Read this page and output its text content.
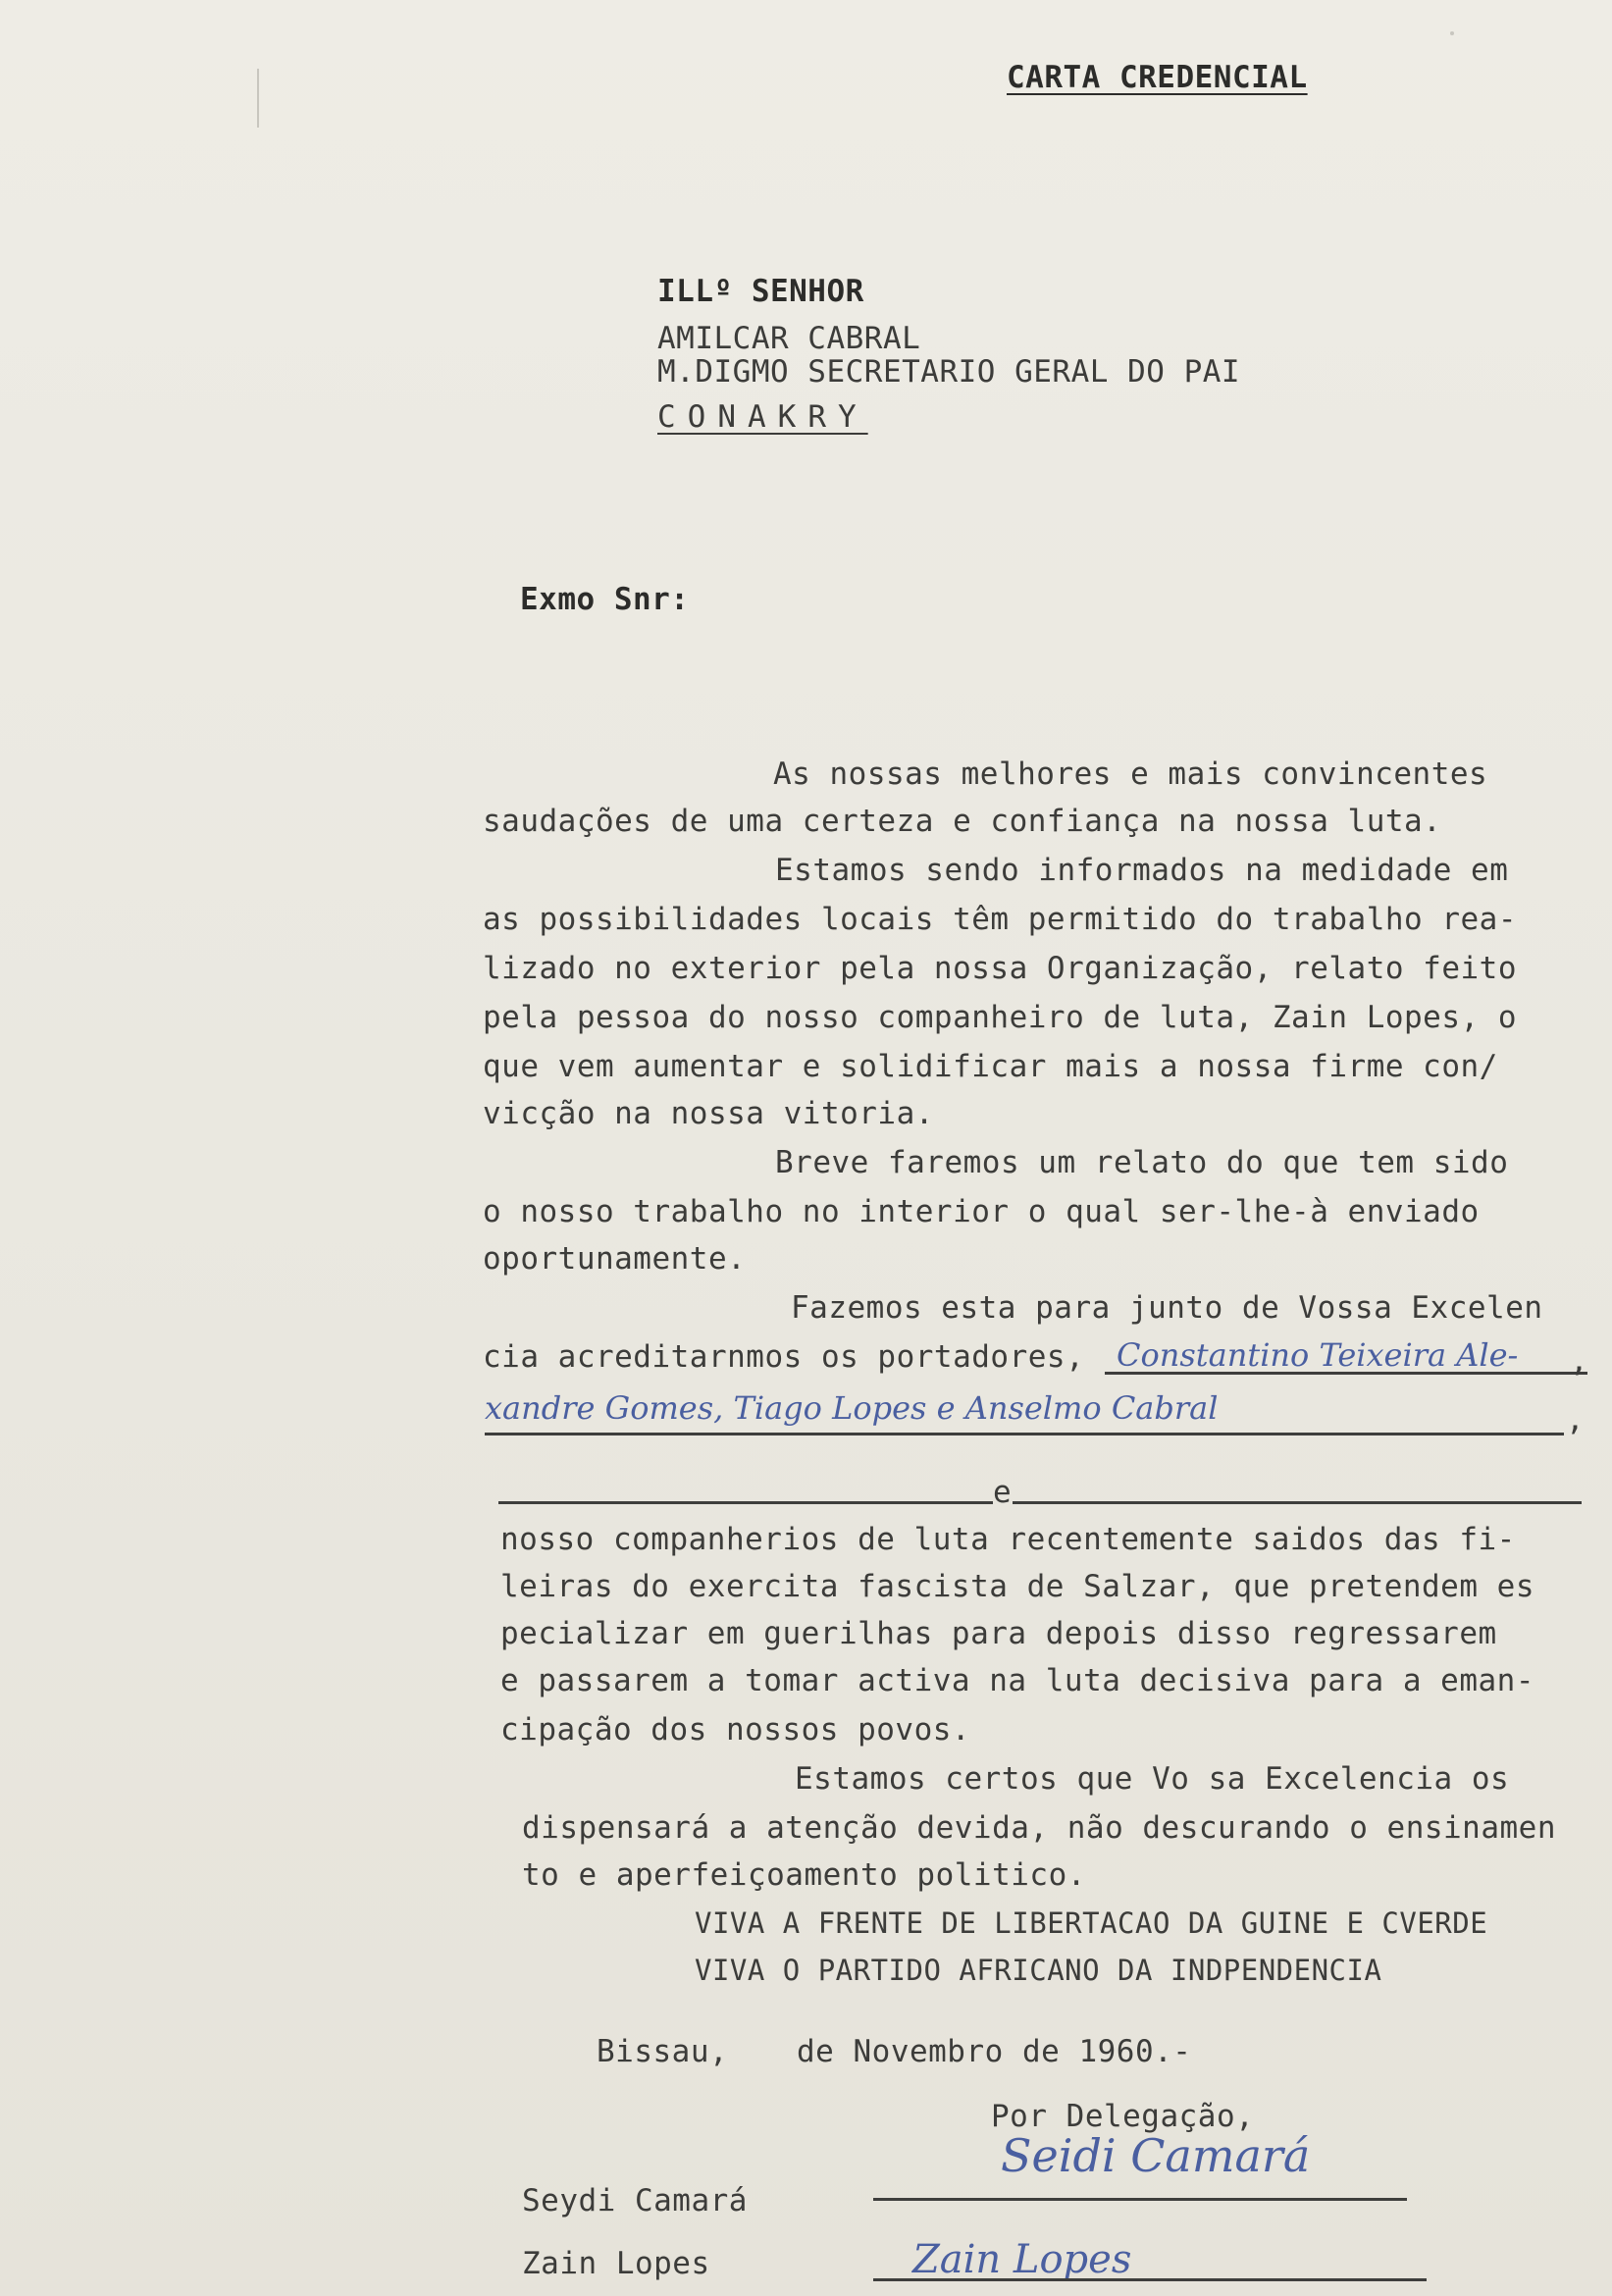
CARTA CREDENCIAL
ILLº SENHOR
AMILCAR CABRAL
M.DIGMO SECRETARIO GERAL DO PAI
CONAKRY
Exmo Snr:
As nossas melhores e mais convincentes
saudações de uma certeza e confiança na nossa luta.
Estamos sendo informados na medidade em
as possibilidades locais têm permitido do trabalho rea-
lizado no exterior pela nossa Organização, relato feito
pela pessoa do nosso companheiro de luta, Zain Lopes, o
que vem aumentar e solidificar mais a nossa firme con/
vicção na nossa vitoria.
Breve faremos um relato do que tem sido
o nosso trabalho no interior o qual ser-lhe-à enviado
oportunamente.
Fazemos esta para junto de Vossa Excelen
cia acreditarnmos os portadores, Constantino Teixeira Ale- ,
xandre Gomes, Tiago Lopes e Anselmo Cabral	,
e
nosso companherios de luta recentemente saidos das fi-
leiras do exercita fascista de Salzar, que pretendem es
pecializar em guerilhas para depois disso regressarem
e passarem a tomar activa na luta decisiva para a eman-
cipação dos nossos povos.
Estamos certos que Vo sa Excelencia os
dispensará a atenção devida, não descurando o ensinamen
to e aperfeiçoamento politico.
VIVA A FRENTE DE LIBERTACAO DA GUINE E CVERDE
VIVA O PARTIDO AFRICANO DA INDPENDENCIA
Bissau, de Novembro de 1960.-
Por Delegação,
Seydi Camará
Seidi Camará
Zain Lopes	Zain Lopes
